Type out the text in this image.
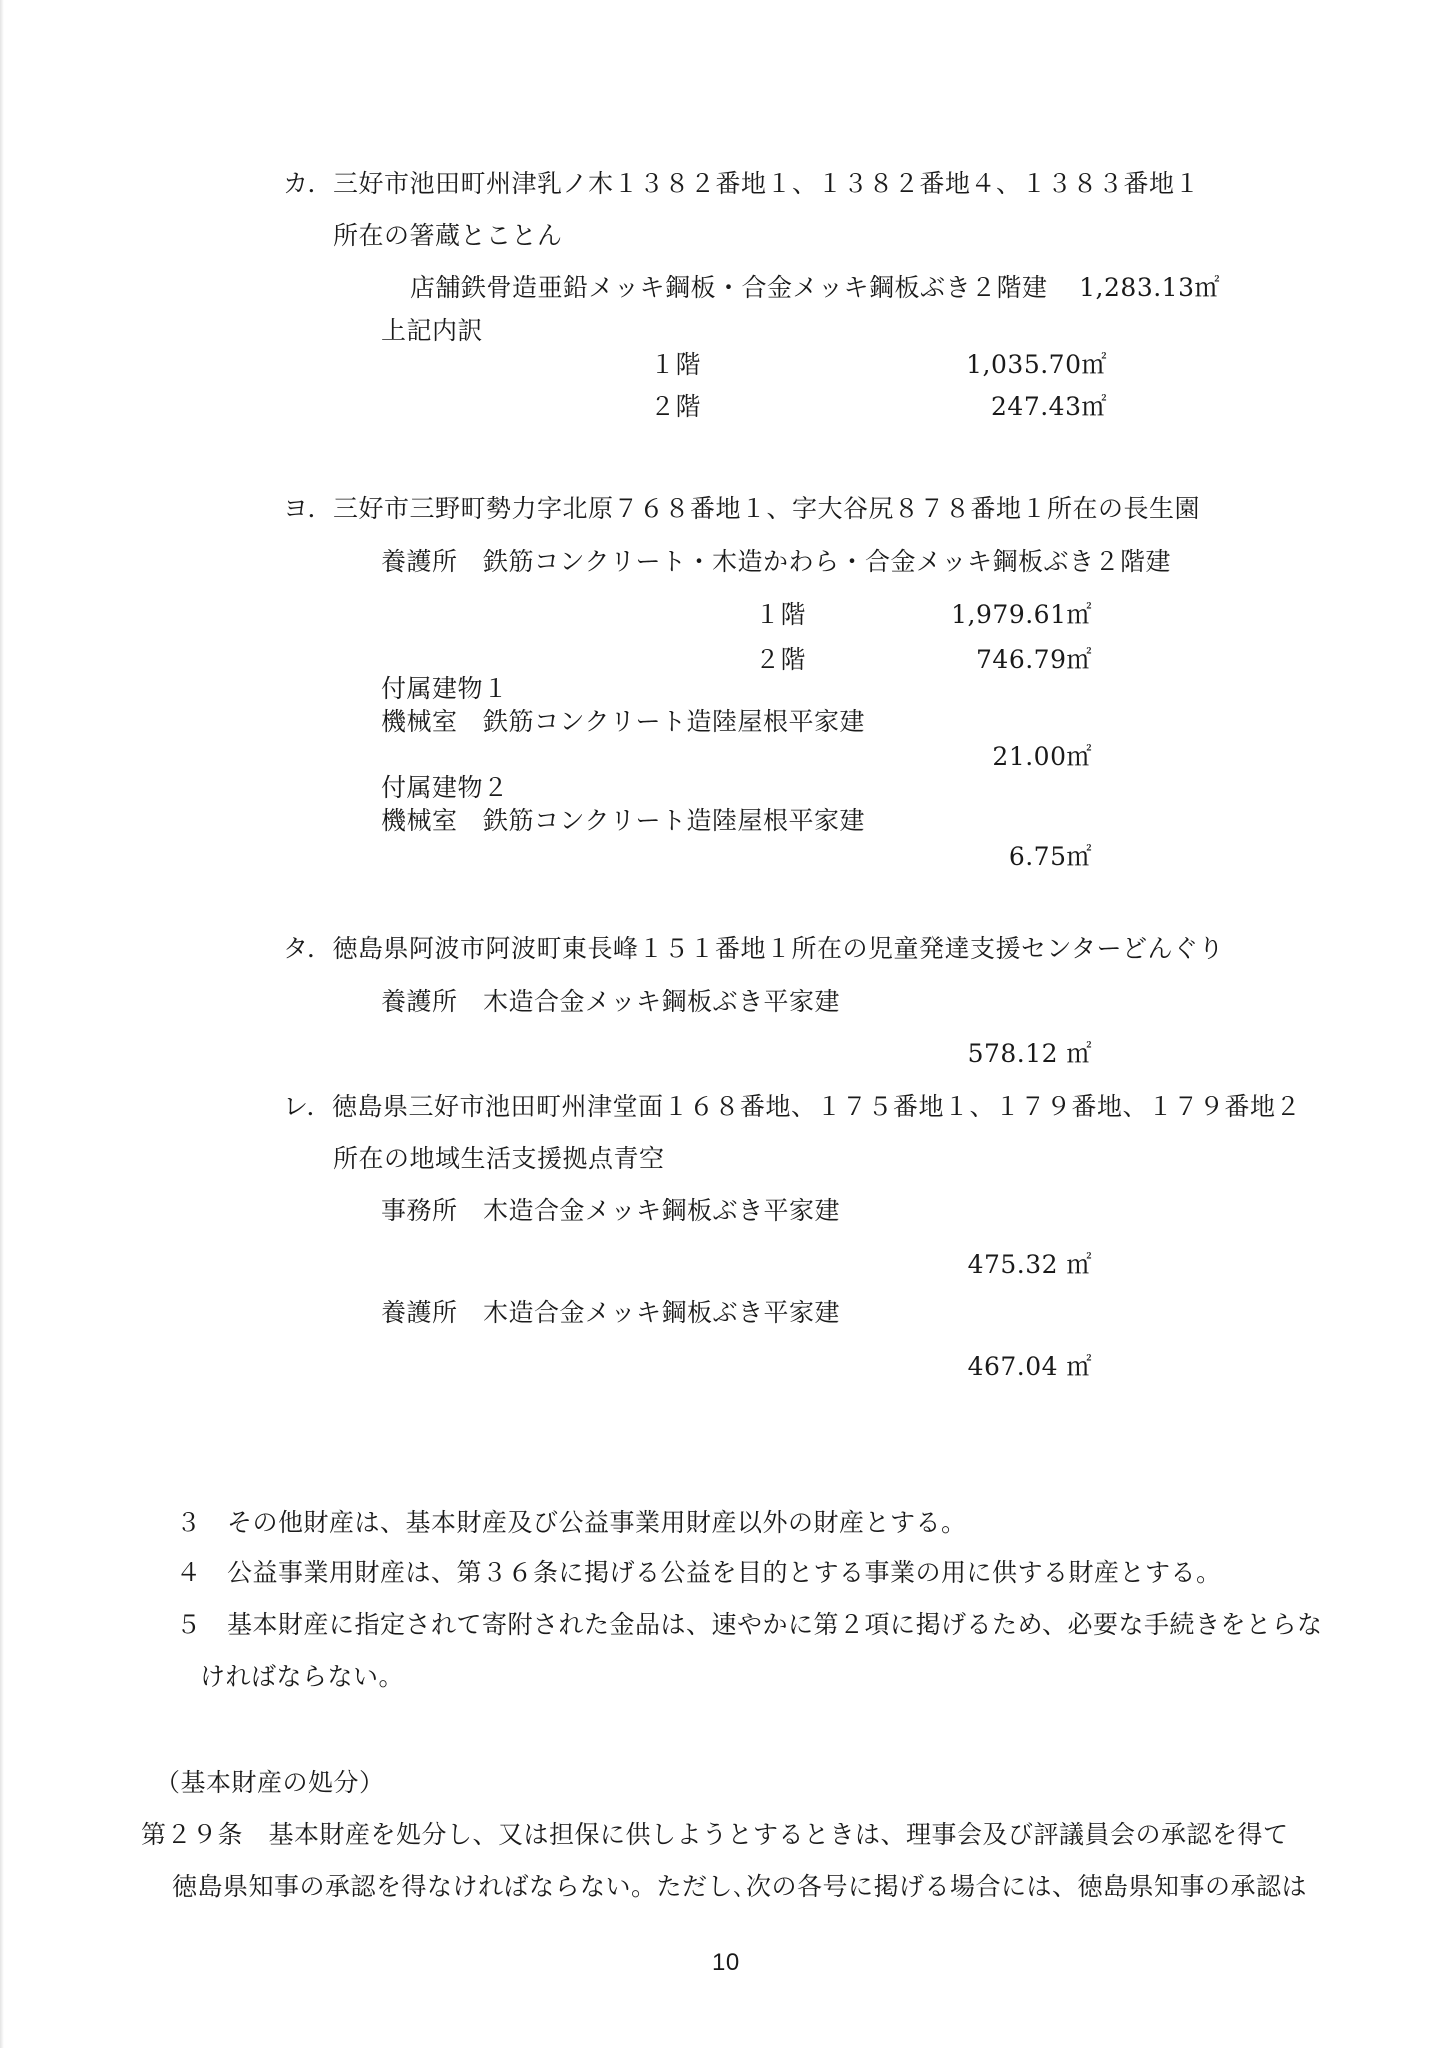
カ．三好市池田町州津乳ノ木１３８２番地１、１３８２番地４、１３８３番地１
所在の箸蔵とことん
店舗鉄骨造亜鉛メッキ鋼板・合金メッキ鋼板ぶき２階建 1,283.13㎡
上記内訳
１階	1,035.70㎡
２階	247.43㎡
ヨ．三好市三野町勢力字北原７６８番地１、字大谷尻８７８番地１所在の長生園
養護所　鉄筋コンクリート・木造かわら・合金メッキ鋼板ぶき２階建
１階	1,979.61㎡
２階	746.79㎡
付属建物１
機械室　鉄筋コンクリート造陸屋根平家建
21.00㎡
付属建物２
機械室　鉄筋コンクリート造陸屋根平家建
6.75㎡
タ．徳島県阿波市阿波町東長峰１５１番地１所在の児童発達支援センターどんぐり
養護所　木造合金メッキ鋼板ぶき平家建
578.12 ㎡
レ．徳島県三好市池田町州津堂面１６８番地、１７５番地１、１７９番地、１７９番地２
所在の地域生活支援拠点青空
事務所　木造合金メッキ鋼板ぶき平家建
475.32 ㎡
養護所　木造合金メッキ鋼板ぶき平家建
467.04 ㎡
３　その他財産は、基本財産及び公益事業用財産以外の財産とする。
４　公益事業用財産は、第３６条に掲げる公益を目的とする事業の用に供する財産とする。
５　基本財産に指定されて寄附された金品は、速やかに第２項に掲げるため、必要な手続きをとらな
ければならない。
（基本財産の処分）
第２９条　基本財産を処分し、又は担保に供しようとするときは、理事会及び評議員会の承認を得て
徳島県知事の承認を得なければならない。ただし､次の各号に掲げる場合には、徳島県知事の承認は
10
